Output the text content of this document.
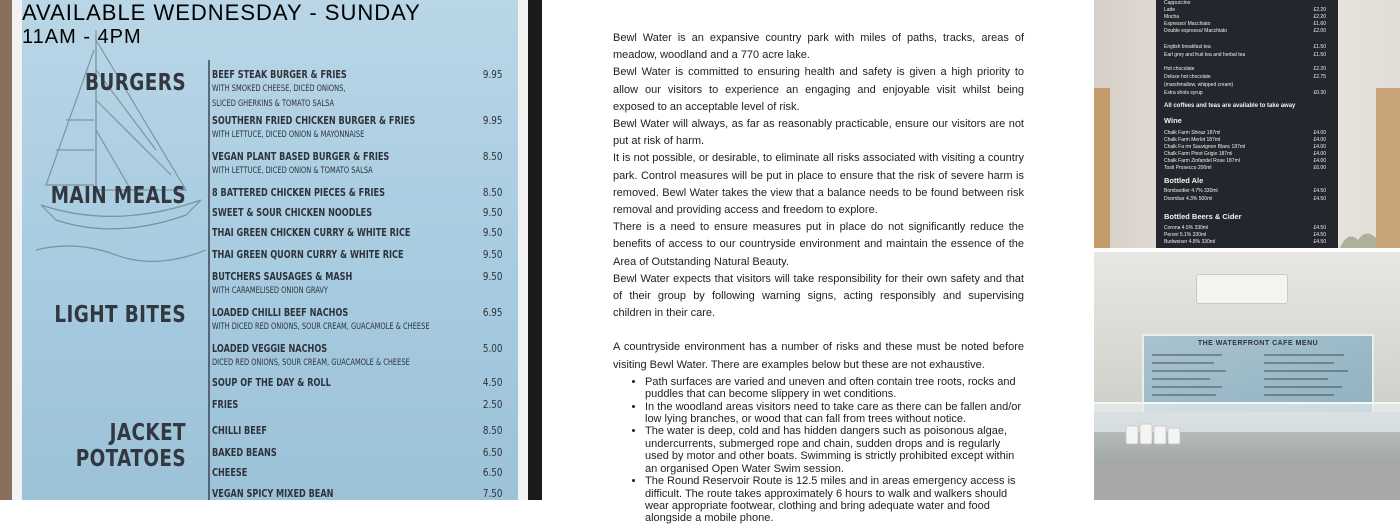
AVAILABLE WEDNESDAY - SUNDAY
11AM - 4PM
BURGERS
MAIN MEALS
LIGHT BITES
JACKET POTATOES
BEEF STEAK BURGER & FRIES
WITH SMOKED CHEESE, DICED ONIONS,
SLICED GHERKINS & TOMATO SALSA
9.95
SOUTHERN FRIED CHICKEN BURGER & FRIES
WITH LETTUCE, DICED ONION & MAYONNAISE
9.95
VEGAN PLANT BASED BURGER & FRIES
WITH LETTUCE, DICED ONION & TOMATO SALSA
8.50
8 BATTERED CHICKEN PIECES & FRIES	8.50
SWEET & SOUR CHICKEN NOODLES	9.50
THAI GREEN CHICKEN CURRY & WHITE RICE	9.50
THAI GREEN QUORN CURRY & WHITE RICE	9.50
BUTCHERS SAUSAGES & MASH
WITH CARAMELISED ONION GRAVY
9.50
LOADED CHILLI BEEF NACHOS
WITH DICED RED ONIONS, SOUR CREAM, GUACAMOLE & CHEESE
6.95
LOADED VEGGIE NACHOS
DICED RED ONIONS, SOUR CREAM, GUACAMOLE & CHEESE
5.00
SOUP OF THE DAY & ROLL	4.50
FRIES	2.50
CHILLI BEEF	8.50
BAKED BEANS	6.50
CHEESE	6.50
VEGAN SPICY MIXED BEAN	7.50

Bewl Water is an expansive country park with miles of paths, tracks, areas of meadow, woodland and a 770 acre lake.

Bewl Water is committed to ensuring health and safety is given a high priority to allow our visitors to experience an engaging and enjoyable visit whilst being exposed to an acceptable level of risk.

Bewl Water will always, as far as reasonably practicable, ensure our visitors are not put at risk of harm.

It is not possible, or desirable, to eliminate all risks associated with visiting a country park. Control measures will be put in place to ensure that the risk of severe harm is removed. Bewl Water takes the view that a balance needs to be found between risk removal and providing access and freedom to explore.

There is a need to ensure measures put in place do not significantly reduce the benefits of access to our countryside environment and maintain the essence of the Area of Outstanding Natural Beauty.

Bewl Water expects that visitors will take responsibility for their own safety and that of their group by following warning signs, acting responsibly and supervising children in their care.

A countryside environment has a number of risks and these must be noted before visiting Bewl Water. There are examples below but these are not exhaustive.

• Path surfaces are varied and uneven and often contain tree roots, rocks and puddles that can become slippery in wet conditions.
• In the woodland areas visitors need to take care as there can be fallen and/or low lying branches, or wood that can fall from trees without notice.
• The water is deep, cold and has hidden dangers such as poisonous algae, undercurrents, submerged rope and chain, sudden drops and is regularly used by motor and other boats. Swimming is strictly prohibited except within an organised Open Water Swim session.
• The Round Reservoir Route is 12.5 miles and in areas emergency access is difficult. The route takes approximately 6 hours to walk and walkers should wear appropriate footwear, clothing and bring adequate water and food alongside a mobile phone.
Cappuccino
Latte	£2.20
Mocha	£2.20
Espresso/ Macchiato	£1.60
Double espresso/ Macchiato	£2.00
English breakfast tea	£1.50
Earl grey and fruit tea and herbal tea	£1.50
Hot chocolate	£2.20
Deluxe hot chocolate	£2.75
(marshmallow, whipped cream)
Extra shots syrup	£0.30
All coffees and teas are available to take away
Wine
Chalk Farm Shiraz 187ml	£4.00
Chalk Farm Merlot 187ml	£4.00
Chalk Fa rm Sauvignon Blanc 187ml	£4.00
Chalk Farm Pinot Grigio 187ml	£4.00
Chalk Farm Zinfandel Rose 187ml	£4.00
Tosti Prosecco 200ml	£6.00
Bottled Ale
Bombardier 4.7% 330ml	£4.50
Doombar 4.3% 500ml	£4.50
Bottled Beers & Cider
Corona 4.5% 330ml	£4.50
Peroni 5.1% 330ml	£4.50
Budweiser 4.8% 330ml	£4.50
THE WATERFRONT CAFE MENU
